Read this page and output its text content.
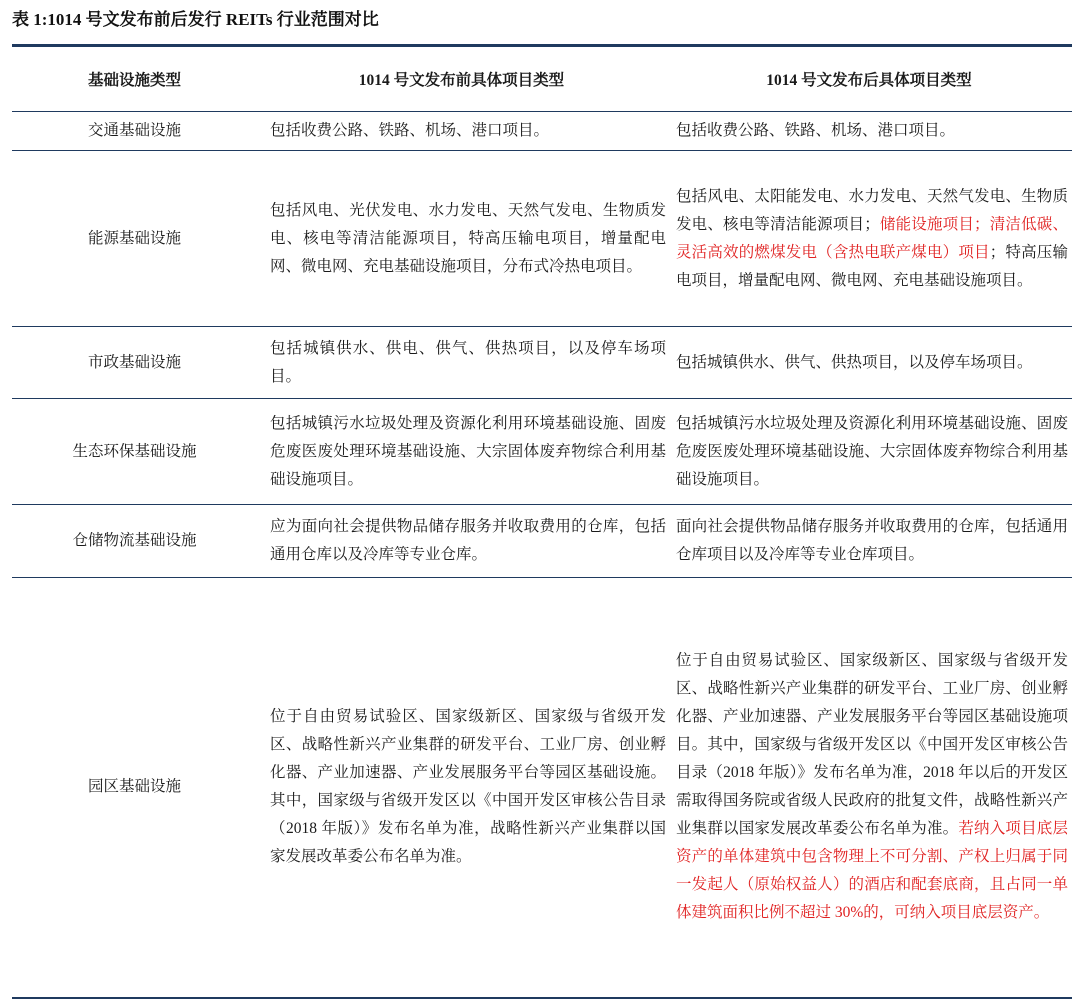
表 1:1014 号文发布前后发行 REITs 行业范围对比
基础设施类型	1014 号文发布前具体项目类型	1014 号文发布后具体项目类型
交通基础设施	包括收费公路、铁路、机场、港口项目。	包括收费公路、铁路、机场、港口项目。
能源基础设施	包括风电、光伏发电、水力发电、天然气发电、生物质发电、核电等清洁能源项目，特高压输电项目，增量配电网、微电网、充电基础设施项目，分布式冷热电项目。	包括风电、太阳能发电、水力发电、天然气发电、生物质发电、核电等清洁能源项目；储能设施项目；清洁低碳、灵活高效的燃煤发电（含热电联产煤电）项目；特高压输电项目，增量配电网、微电网、充电基础设施项目。
市政基础设施	包括城镇供水、供电、供气、供热项目，以及停车场项目。	包括城镇供水、供气、供热项目，以及停车场项目。
生态环保基础设施	包括城镇污水垃圾处理及资源化利用环境基础设施、固废危废医废处理环境基础设施、大宗固体废弃物综合利用基础设施项目。	包括城镇污水垃圾处理及资源化利用环境基础设施、固废危废医废处理环境基础设施、大宗固体废弃物综合利用基础设施项目。
仓储物流基础设施	应为面向社会提供物品储存服务并收取费用的仓库，包括通用仓库以及冷库等专业仓库。	面向社会提供物品储存服务并收取费用的仓库，包括通用仓库项目以及冷库等专业仓库项目。
园区基础设施	位于自由贸易试验区、国家级新区、国家级与省级开发区、战略性新兴产业集群的研发平台、工业厂房、创业孵化器、产业加速器、产业发展服务平台等园区基础设施。其中，国家级与省级开发区以《中国开发区审核公告目录（2018 年版）》发布名单为准，战略性新兴产业集群以国家发展改革委公布名单为准。	位于自由贸易试验区、国家级新区、国家级与省级开发区、战略性新兴产业集群的研发平台、工业厂房、创业孵化器、产业加速器、产业发展服务平台等园区基础设施项目。其中，国家级与省级开发区以《中国开发区审核公告目录（2018 年版）》发布名单为准，2018 年以后的开发区需取得国务院或省级人民政府的批复文件，战略性新兴产业集群以国家发展改革委公布名单为准。若纳入项目底层资产的单体建筑中包含物理上不可分割、产权上归属于同一发起人（原始权益人）的酒店和配套底商，且占同一单体建筑面积比例不超过 30%的，可纳入项目底层资产。
